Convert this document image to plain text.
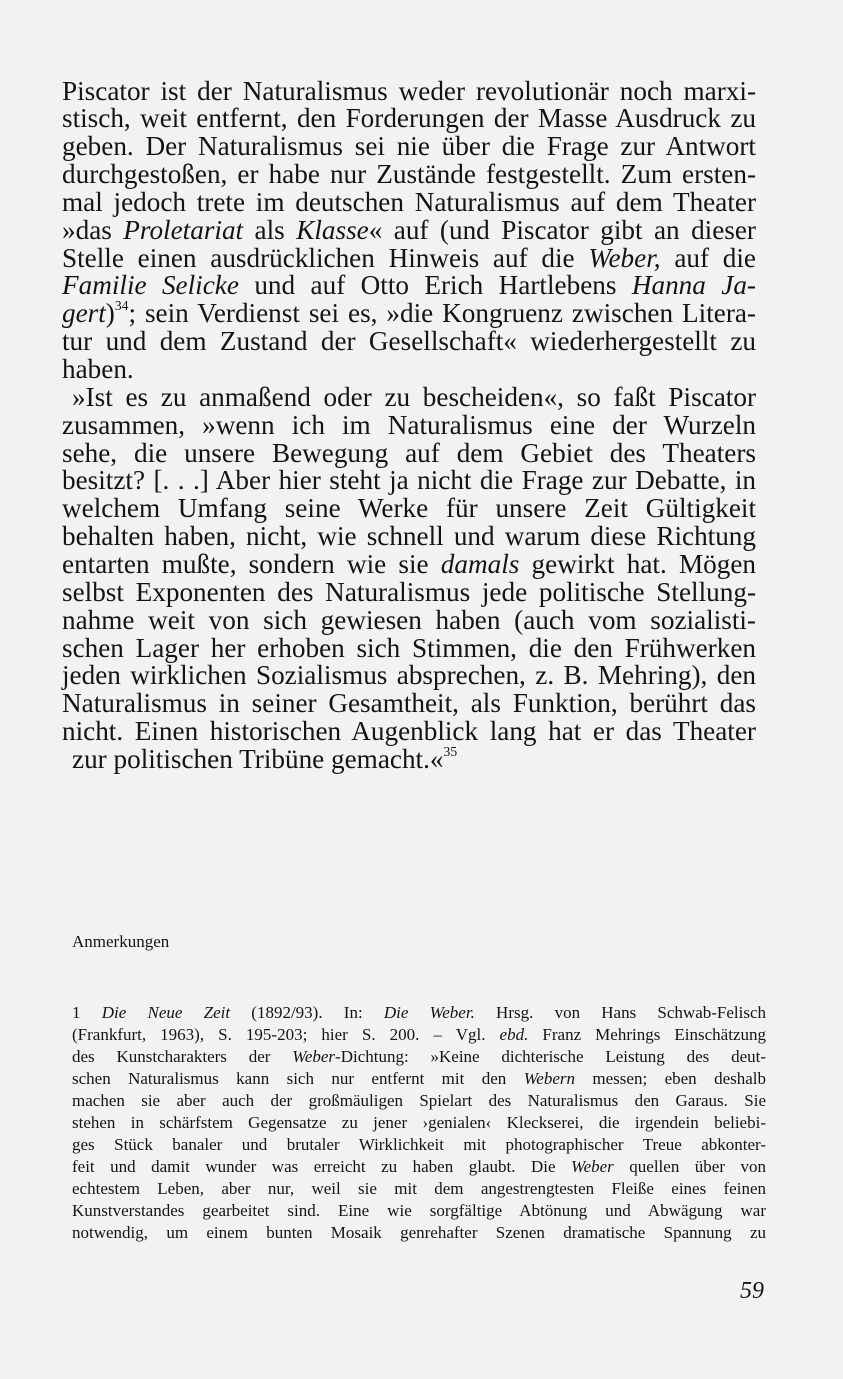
Piscator ist der Naturalismus weder revolutionär noch marxi-
stisch, weit entfernt, den Forderungen der Masse Ausdruck zu
geben. Der Naturalismus sei nie über die Frage zur Antwort
durchgestoßen, er habe nur Zustände festgestellt. Zum ersten-
mal jedoch trete im deutschen Naturalismus auf dem Theater
»das Proletariat als Klasse« auf (und Piscator gibt an dieser
Stelle einen ausdrücklichen Hinweis auf die Weber, auf die
Familie Selicke und auf Otto Erich Hartlebens Hanna Ja-
gert)$^{34}$; sein Verdienst sei es, »die Kongruenz zwischen Litera-
tur und dem Zustand der Gesellschaft« wiederhergestellt zu
haben.
»Ist es zu anmaßend oder zu bescheiden«, so faßt Piscator
zusammen, »wenn ich im Naturalismus eine der Wurzeln
sehe, die unsere Bewegung auf dem Gebiet des Theaters
besitzt? [. . .] Aber hier steht ja nicht die Frage zur Debatte, in
welchem Umfang seine Werke für unsere Zeit Gültigkeit
behalten haben, nicht, wie schnell und warum diese Richtung
entarten mußte, sondern wie sie damals gewirkt hat. Mögen
selbst Exponenten des Naturalismus jede politische Stellung-
nahme weit von sich gewiesen haben (auch vom sozialisti-
schen Lager her erhoben sich Stimmen, die den Frühwerken
jeden wirklichen Sozialismus absprechen, z. B. Mehring), den
Naturalismus in seiner Gesamtheit, als Funktion, berührt das
nicht. Einen historischen Augenblick lang hat er das Theater
zur politischen Tribüne gemacht.«$^{35}$
Anmerkungen
1 Die Neue Zeit (1892/93). In: Die Weber. Hrsg. von Hans Schwab-Felisch
(Frankfurt, 1963), S. 195-203; hier S. 200. – Vgl. ebd. Franz Mehrings Einschätzung
des Kunstcharakters der Weber-Dichtung: »Keine dichterische Leistung des deut-
schen Naturalismus kann sich nur entfernt mit den Webern messen; eben deshalb
machen sie aber auch der großmäuligen Spielart des Naturalismus den Garaus. Sie
stehen in schärfstem Gegensatze zu jener ›genialen‹ Kleckserei, die irgendein beliebi-
ges Stück banaler und brutaler Wirklichkeit mit photographischer Treue abkonter-
feit und damit wunder was erreicht zu haben glaubt. Die Weber quellen über von
echtestem Leben, aber nur, weil sie mit dem angestrengtesten Fleiße eines feinen
Kunstverstandes gearbeitet sind. Eine wie sorgfältige Abtönung und Abwägung war
notwendig, um einem bunten Mosaik genrehafter Szenen dramatische Spannung zu
59
